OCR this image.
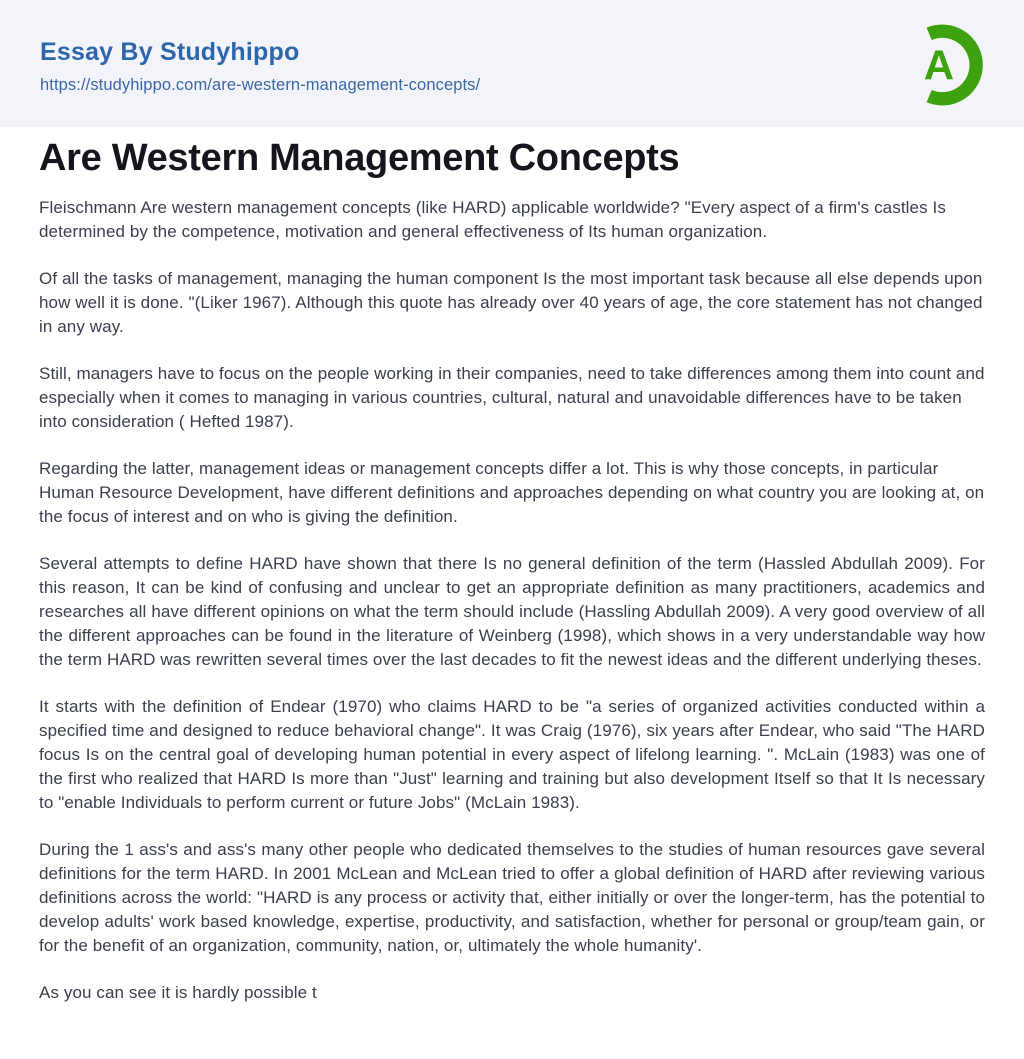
Essay By Studyhippo
https://studyhippo.com/are-western-management-concepts/	A
Are Western Management Concepts

Fleischmann Are western management concepts (like HARD) applicable worldwide? "Every aspect of a firm's castles Is determined by the competence, motivation and general effectiveness of Its human organization.

Of all the tasks of management, managing the human component Is the most important task because all else depends upon how well it is done. "(Liker 1967). Although this quote has already over 40 years of age, the core statement has not changed in any way.

Still, managers have to focus on the people working in their companies, need to take differences among them into count and especially when it comes to managing in various countries, cultural, natural and unavoidable differences have to be taken into consideration ( Hefted 1987).

Regarding the latter, management ideas or management concepts differ a lot. This is why those concepts, in particular Human Resource Development, have different definitions and approaches depending on what country you are looking at, on the focus of interest and on who is giving the definition.

Several attempts to define HARD have shown that there Is no general definition of the term (Hassled Abdullah 2009). For this reason, It can be kind of confusing and unclear to get an appropriate definition as many practitioners, academics and researches all have different opinions on what the term should include (Hassling Abdullah 2009). A very good overview of all the different approaches can be found in the literature of Weinberg (1998), which shows in a very understandable way how the term HARD was rewritten several times over the last decades to fit the newest ideas and the different underlying theses.

It starts with the definition of Endear (1970) who claims HARD to be "a series of organized activities conducted within a specified time and designed to reduce behavioral change". It was Craig (1976), six years after Endear, who said "The HARD focus Is on the central goal of developing human potential in every aspect of lifelong learning. ". McLain (1983) was one of the first who realized that HARD Is more than "Just" learning and training but also development Itself so that It Is necessary to "enable Individuals to perform current or future Jobs" (McLain 1983).

During the 1 ass's and ass's many other people who dedicated themselves to the studies of human resources gave several definitions for the term HARD. In 2001 McLean and McLean tried to offer a global definition of HARD after reviewing various definitions across the world: "HARD is any process or activity that, either initially or over the longer-term, has the potential to develop adults' work based knowledge, expertise, productivity, and satisfaction, whether for personal or group/team gain, or for the benefit of an organization, community, nation, or, ultimately the whole humanity'.

As you can see it is hardly possible t
